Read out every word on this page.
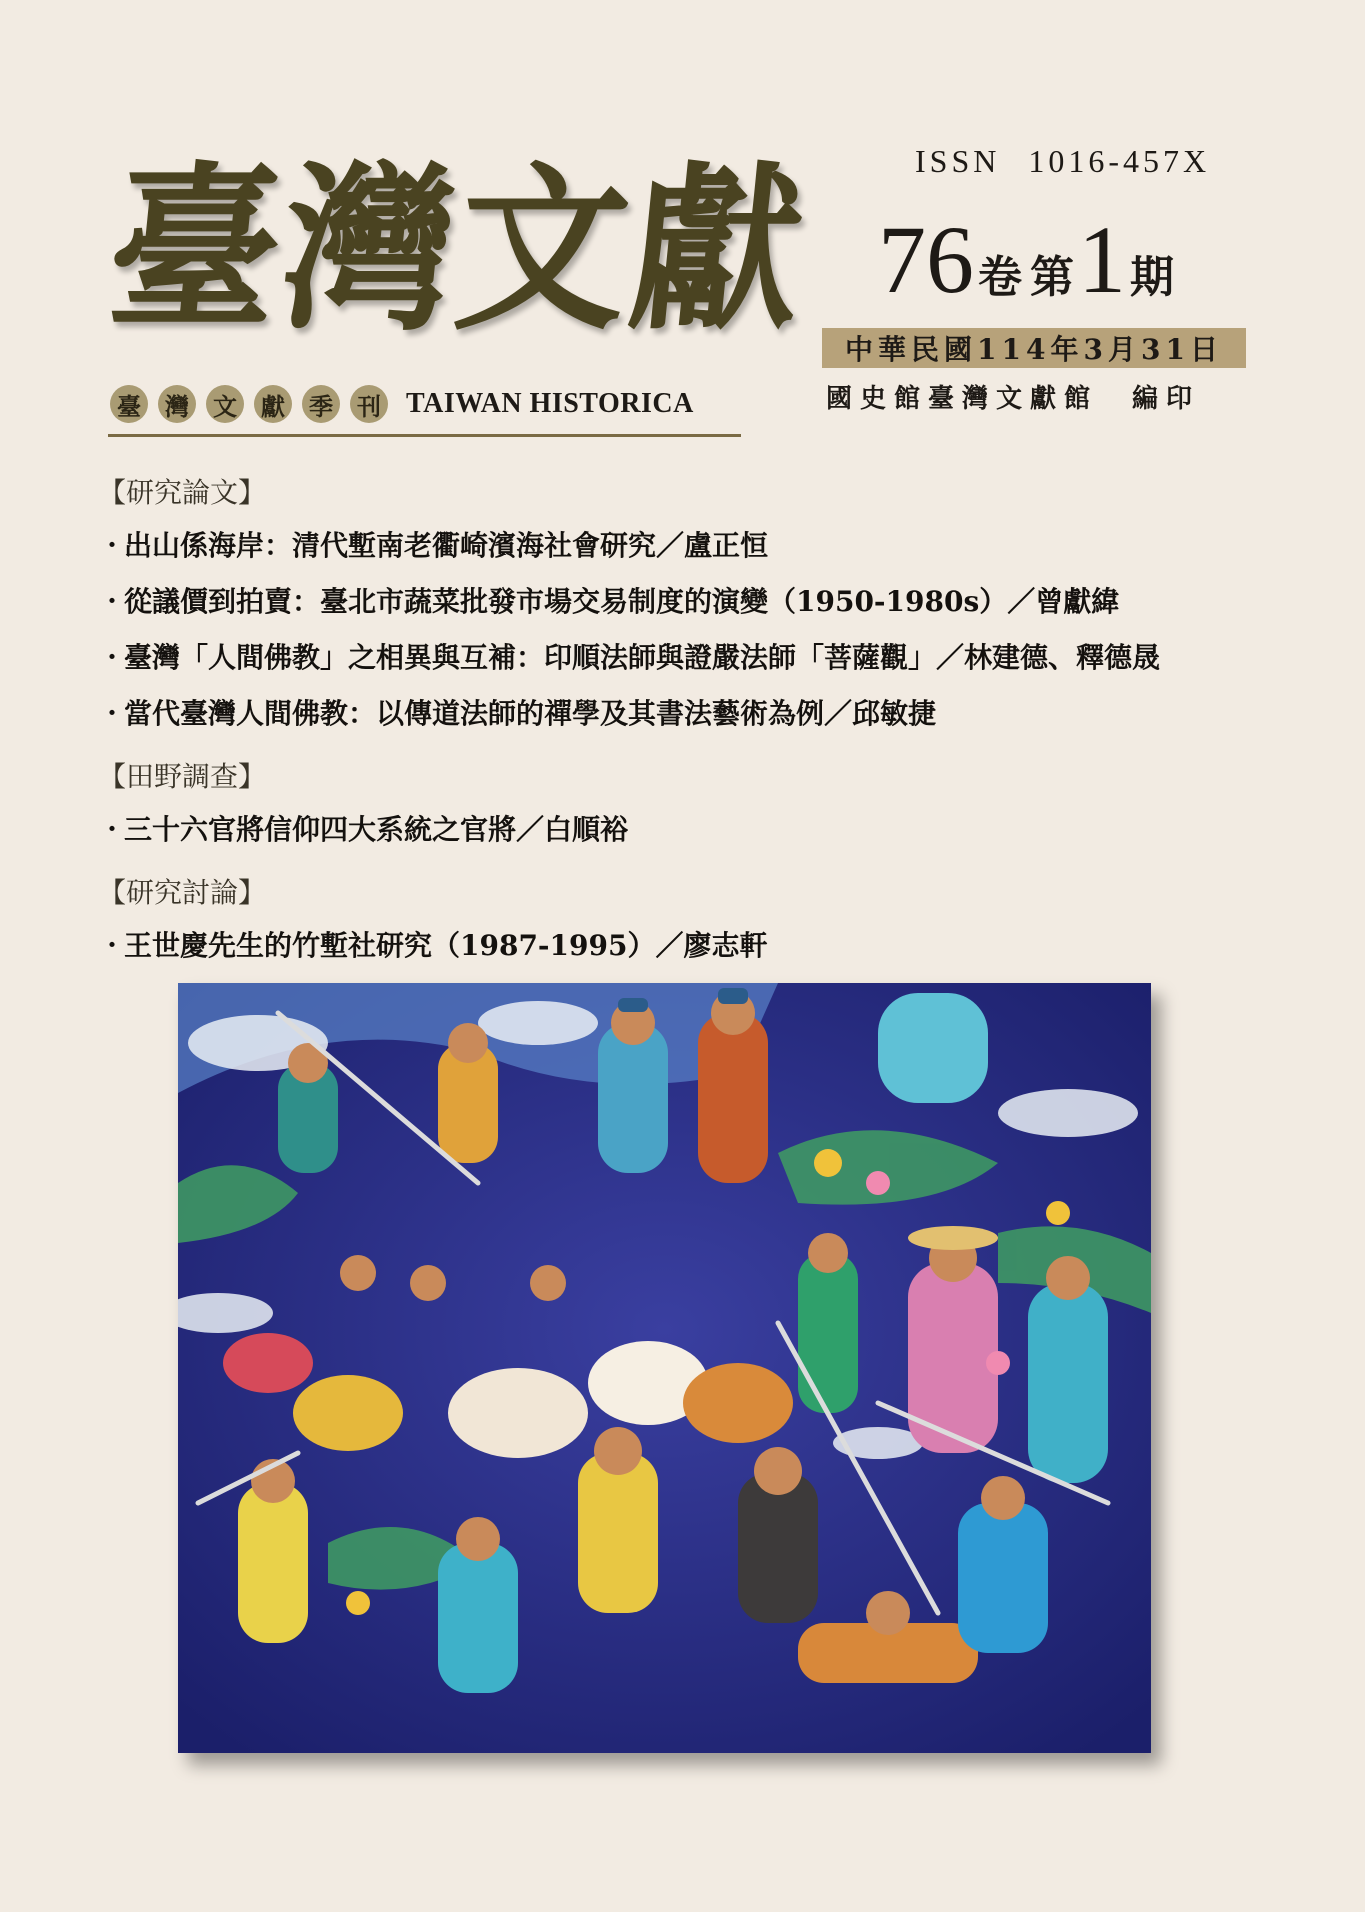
臺灣文獻
臺 灣 文 獻 季 刊 TAIWAN HISTORICA
ISSN 1016-457X
76卷 第1期
中華民國114年3月31日
國史館臺灣文獻館　編印
【研究論文】
・出山係海岸：清代塹南老衢崎濱海社會研究／盧正恒
・從議價到拍賣：臺北市蔬菜批發市場交易制度的演變（1950-1980s）／曾獻緯
・臺灣「人間佛教」之相異與互補：印順法師與證嚴法師「菩薩觀」／林建德、釋德晟
・當代臺灣人間佛教：以傳道法師的禪學及其書法藝術為例／邱敏捷
【田野調查】
・三十六官將信仰四大系統之官將／白順裕
【研究討論】
・王世慶先生的竹塹社研究（1987-1995）／廖志軒
